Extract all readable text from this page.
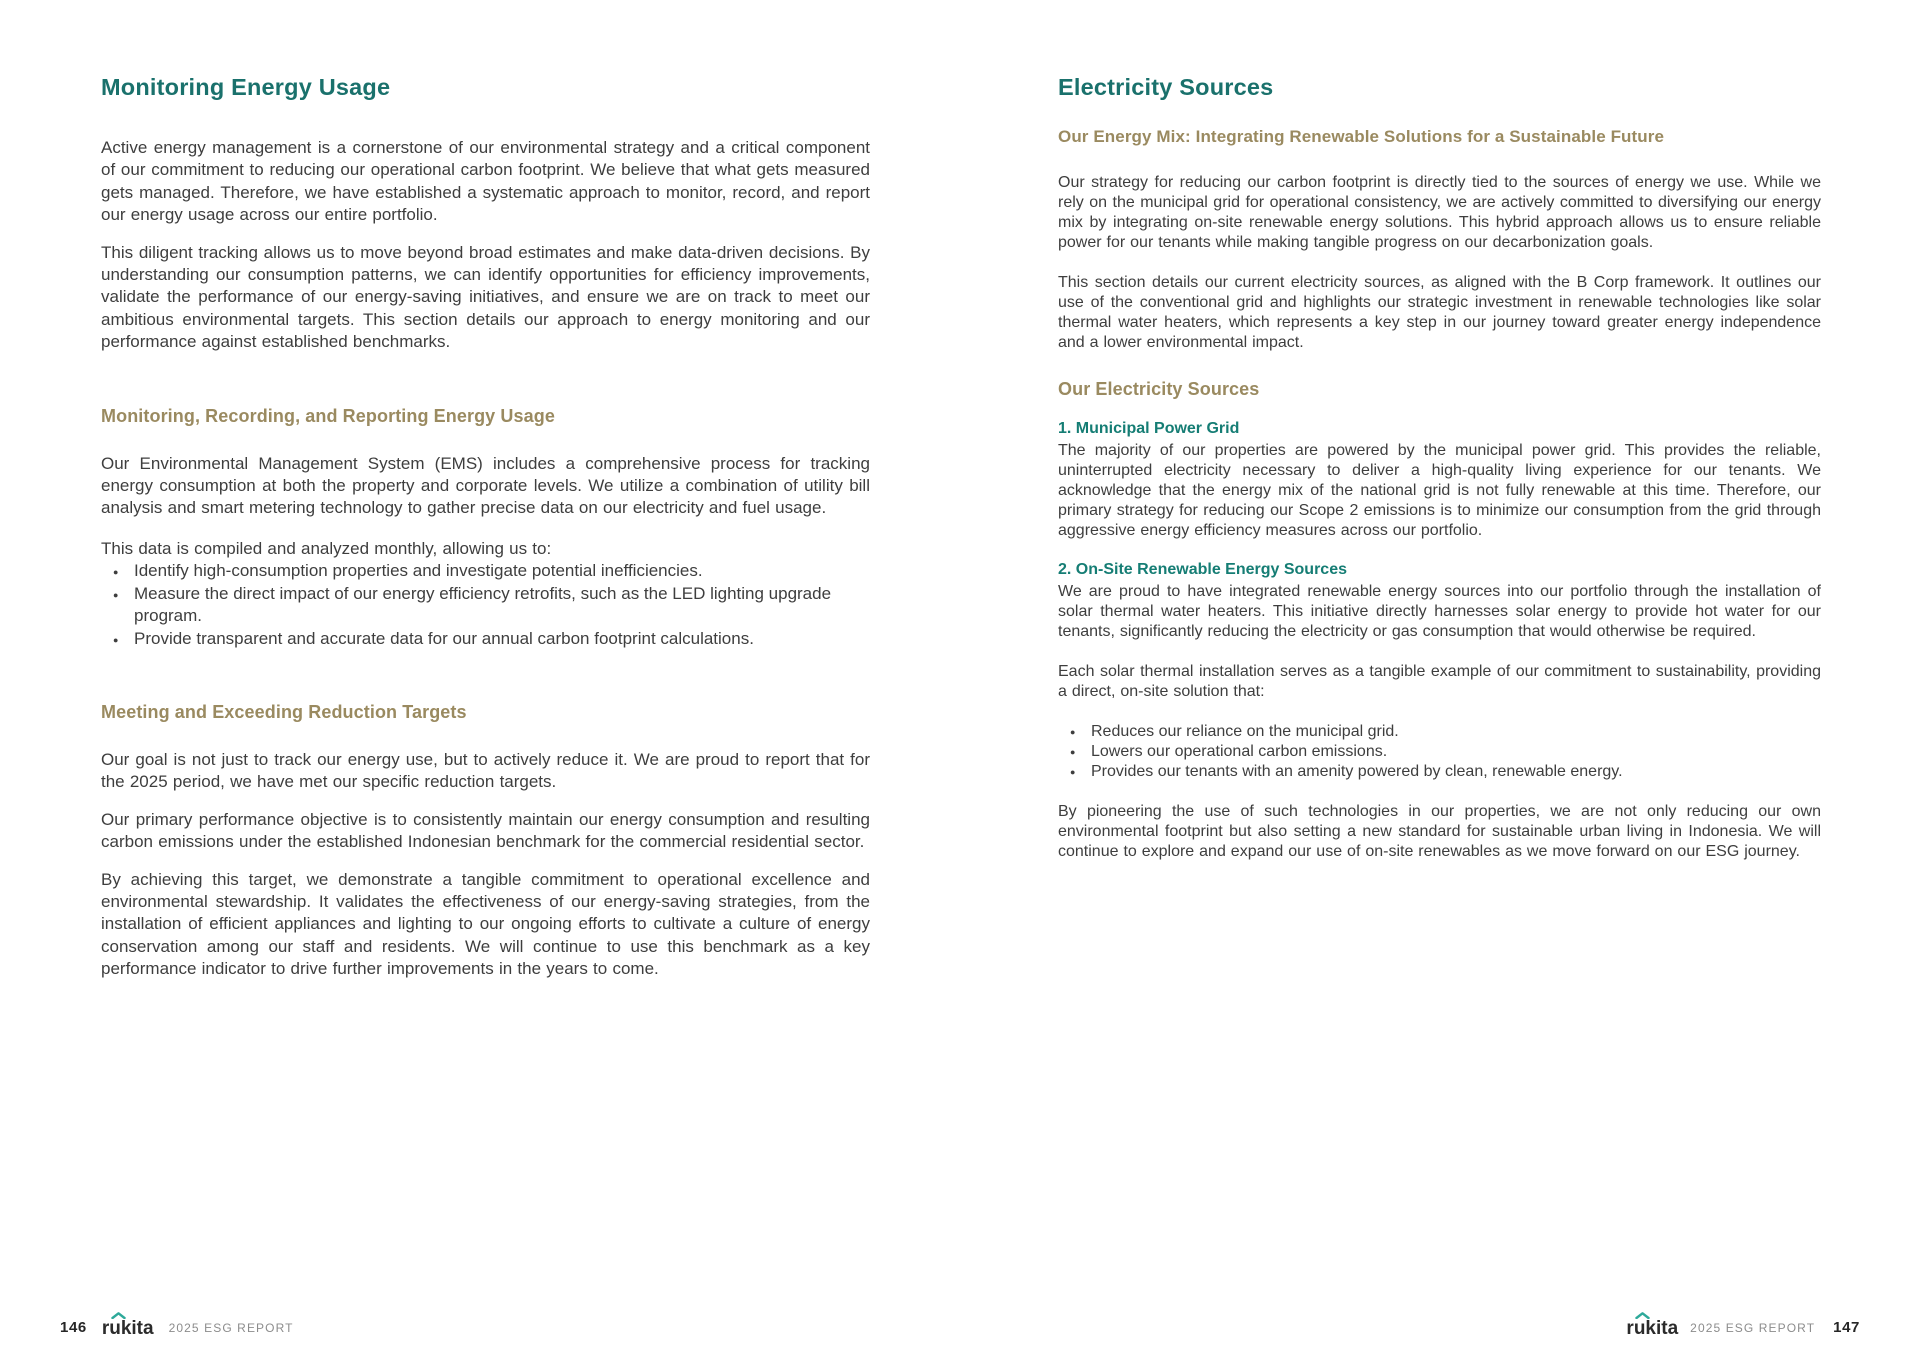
Monitoring Energy Usage

Active energy management is a cornerstone of our environmental strategy and a critical component of our commitment to reducing our operational carbon footprint. We believe that what gets measured gets managed. Therefore, we have established a systematic approach to monitor, record, and report our energy usage across our entire portfolio.

This diligent tracking allows us to move beyond broad estimates and make data-driven decisions. By understanding our consumption patterns, we can identify opportunities for efficiency improvements, validate the performance of our energy-saving initiatives, and ensure we are on track to meet our ambitious environmental targets. This section details our approach to energy monitoring and our performance against established benchmarks.

Monitoring, Recording, and Reporting Energy Usage

Our Environmental Management System (EMS) includes a comprehensive process for tracking energy consumption at both the property and corporate levels. We utilize a combination of utility bill analysis and smart metering technology to gather precise data on our electricity and fuel usage.

This data is compiled and analyzed monthly, allowing us to:

● Identify high-consumption properties and investigate potential inefficiencies.
● Measure the direct impact of our energy efficiency retrofits, such as the LED lighting upgrade program.
● Provide transparent and accurate data for our annual carbon footprint calculations.
Meeting and Exceeding Reduction Targets

Our goal is not just to track our energy use, but to actively reduce it. We are proud to report that for the 2025 period, we have met our specific reduction targets.

Our primary performance objective is to consistently maintain our energy consumption and resulting carbon emissions under the established Indonesian benchmark for the commercial residential sector.

By achieving this target, we demonstrate a tangible commitment to operational excellence and environmental stewardship. It validates the effectiveness of our energy-saving strategies, from the installation of efficient appliances and lighting to our ongoing efforts to cultivate a culture of energy conservation among our staff and residents. We will continue to use this benchmark as a key performance indicator to drive further improvements in the years to come.

Electricity Sources
Our Energy Mix: Integrating Renewable Solutions for a Sustainable Future

Our strategy for reducing our carbon footprint is directly tied to the sources of energy we use. While we rely on the municipal grid for operational consistency, we are actively committed to diversifying our energy mix by integrating on-site renewable energy solutions. This hybrid approach allows us to ensure reliable power for our tenants while making tangible progress on our decarbonization goals.

This section details our current electricity sources, as aligned with the B Corp framework. It outlines our use of the conventional grid and highlights our strategic investment in renewable technologies like solar thermal water heaters, which represents a key step in our journey toward greater energy independence and a lower environmental impact.

Our Electricity Sources
1. Municipal Power Grid

The majority of our properties are powered by the municipal power grid. This provides the reliable, uninterrupted electricity necessary to deliver a high-quality living experience for our tenants. We acknowledge that the energy mix of the national grid is not fully renewable at this time. Therefore, our primary strategy for reducing our Scope 2 emissions is to minimize our consumption from the grid through aggressive energy efficiency measures across our portfolio.

2. On-Site Renewable Energy Sources

We are proud to have integrated renewable energy sources into our portfolio through the installation of solar thermal water heaters. This initiative directly harnesses solar energy to provide hot water for our tenants, significantly reducing the electricity or gas consumption that would otherwise be required.

Each solar thermal installation serves as a tangible example of our commitment to sustainability, providing a direct, on-site solution that:

● Reduces our reliance on the municipal grid.
● Lowers our operational carbon emissions.
● Provides our tenants with an amenity powered by clean, renewable energy.

By pioneering the use of such technologies in our properties, we are not only reducing our own environmental footprint but also setting a new standard for sustainable urban living in Indonesia. We will continue to explore and expand our use of on-site renewables as we move forward on our ESG journey.

146 rukita 2025 ESG REPORT	rukita 2025 ESG REPORT 147
